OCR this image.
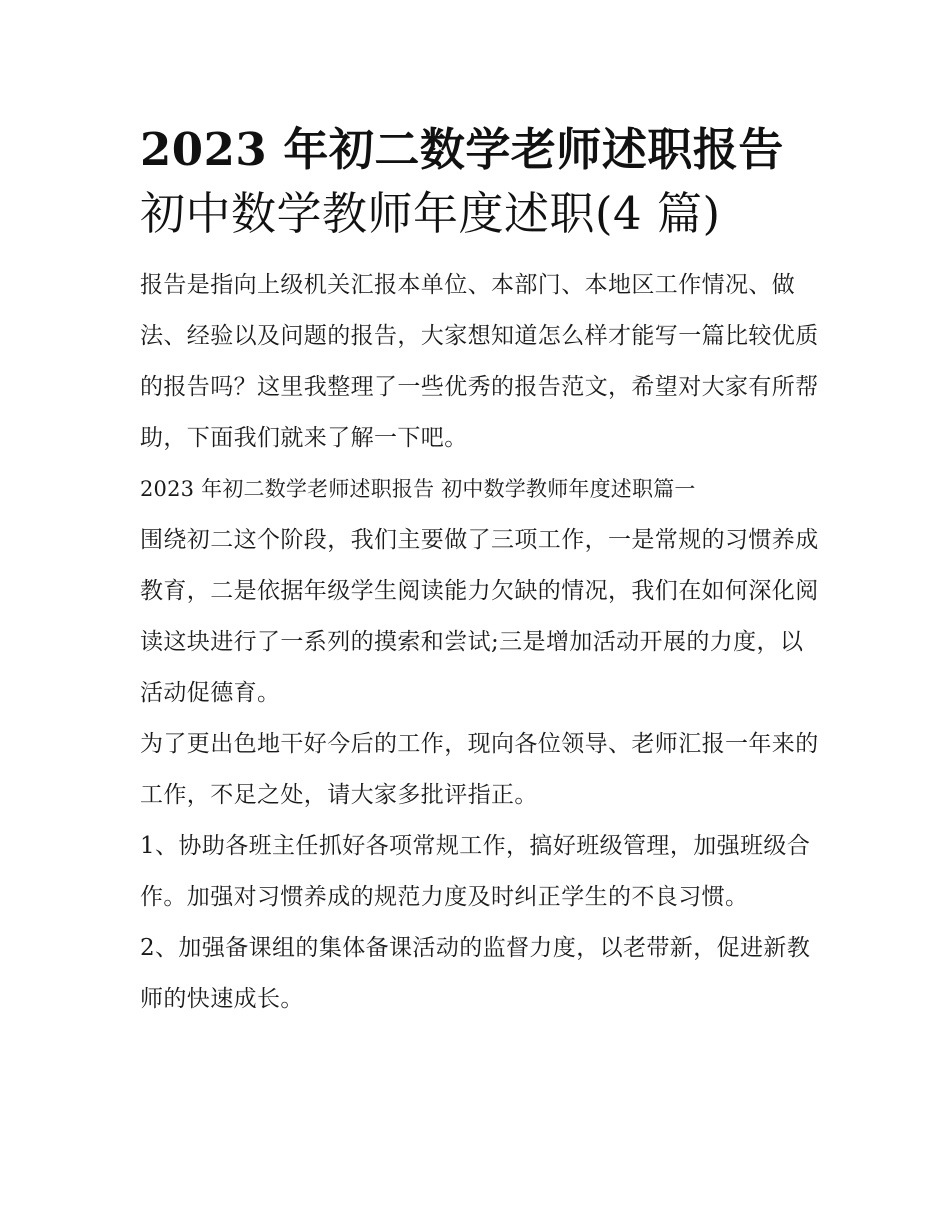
2023 年初二数学老师述职报告
初中数学教师年度述职(4 篇)

报告是指向上级机关汇报本单位、本部门、本地区工作情况、做法、经验以及问题的报告，大家想知道怎么样才能写一篇比较优质的报告吗？这里我整理了一些优秀的报告范文，希望对大家有所帮助，下面我们就来了解一下吧。

2023 年初二数学老师述职报告 初中数学教师年度述职篇一

围绕初二这个阶段，我们主要做了三项工作，一是常规的习惯养成教育，二是依据年级学生阅读能力欠缺的情况，我们在如何深化阅读这块进行了一系列的摸索和尝试;三是增加活动开展的力度，以活动促德育。

为了更出色地干好今后的工作，现向各位领导、老师汇报一年来的工作，不足之处，请大家多批评指正。

1、协助各班主任抓好各项常规工作，搞好班级管理，加强班级合作。加强对习惯养成的规范力度及时纠正学生的不良习惯。

2、加强备课组的集体备课活动的监督力度，以老带新，促进新教师的快速成长。
